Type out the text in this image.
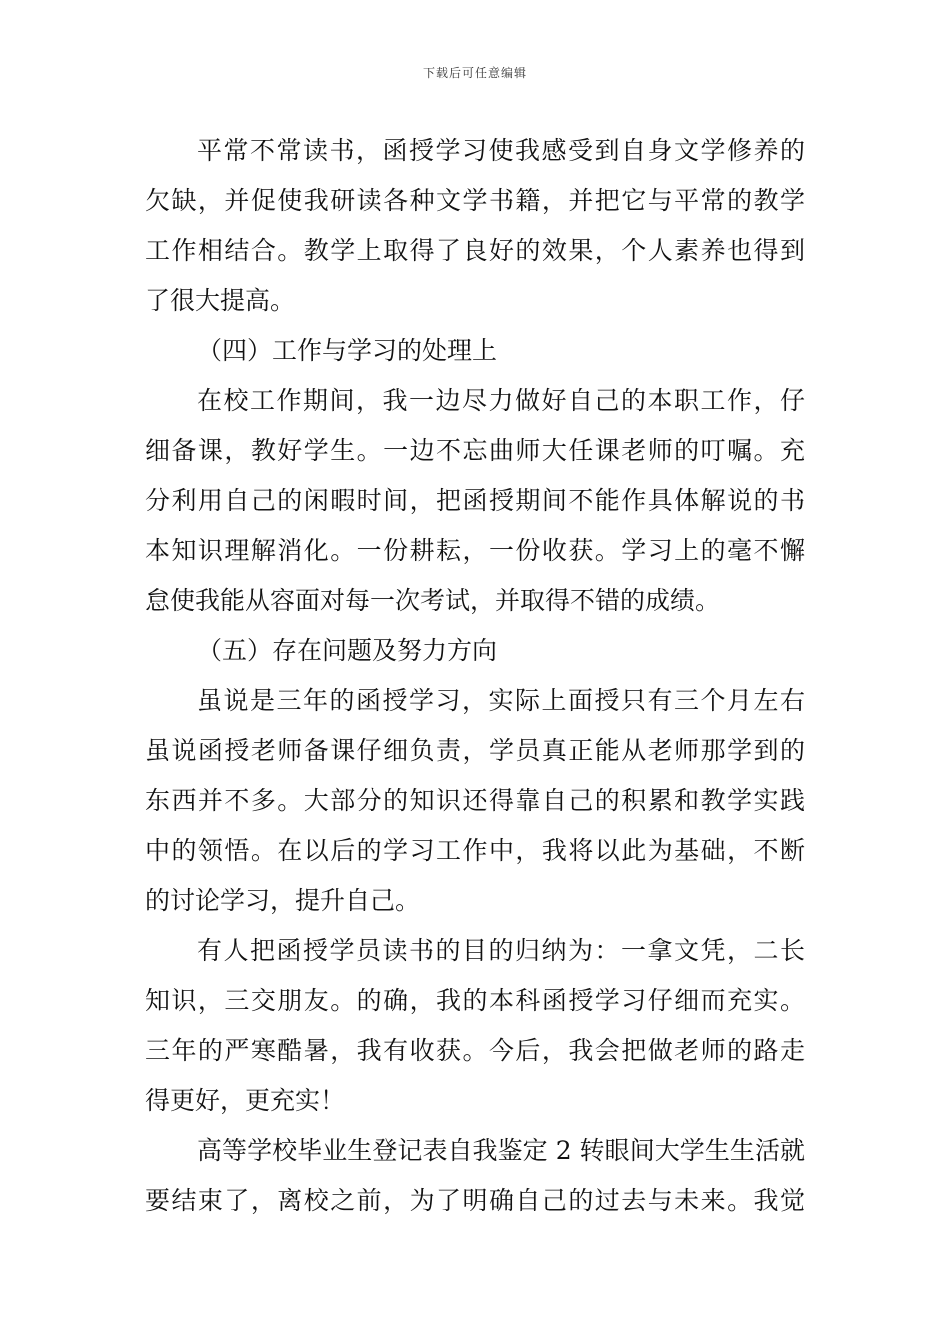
下载后可任意编辑
平常不常读书，函授学习使我感受到自身文学修养的
欠缺，并促使我研读各种文学书籍，并把它与平常的教学
工作相结合。教学上取得了良好的效果，个人素养也得到
了很大提高。
（四）工作与学习的处理上
在校工作期间，我一边尽力做好自己的本职工作，仔
细备课，教好学生。一边不忘曲师大任课老师的叮嘱。充
分利用自己的闲暇时间，把函授期间不能作具体解说的书
本知识理解消化。一份耕耘，一份收获。学习上的毫不懈
怠使我能从容面对每一次考试，并取得不错的成绩。
（五）存在问题及努力方向
虽说是三年的函授学习，实际上面授只有三个月左右
虽说函授老师备课仔细负责，学员真正能从老师那学到的
东西并不多。大部分的知识还得靠自己的积累和教学实践
中的领悟。在以后的学习工作中，我将以此为基础，不断
的讨论学习，提升自己。
有人把函授学员读书的目的归纳为：一拿文凭，二长
知识，三交朋友。的确，我的本科函授学习仔细而充实。
三年的严寒酷暑，我有收获。今后，我会把做老师的路走
得更好，更充实！
高等学校毕业生登记表自我鉴定 2 转眼间大学生生活就
要结束了，离校之前，为了明确自己的过去与未来。我觉
